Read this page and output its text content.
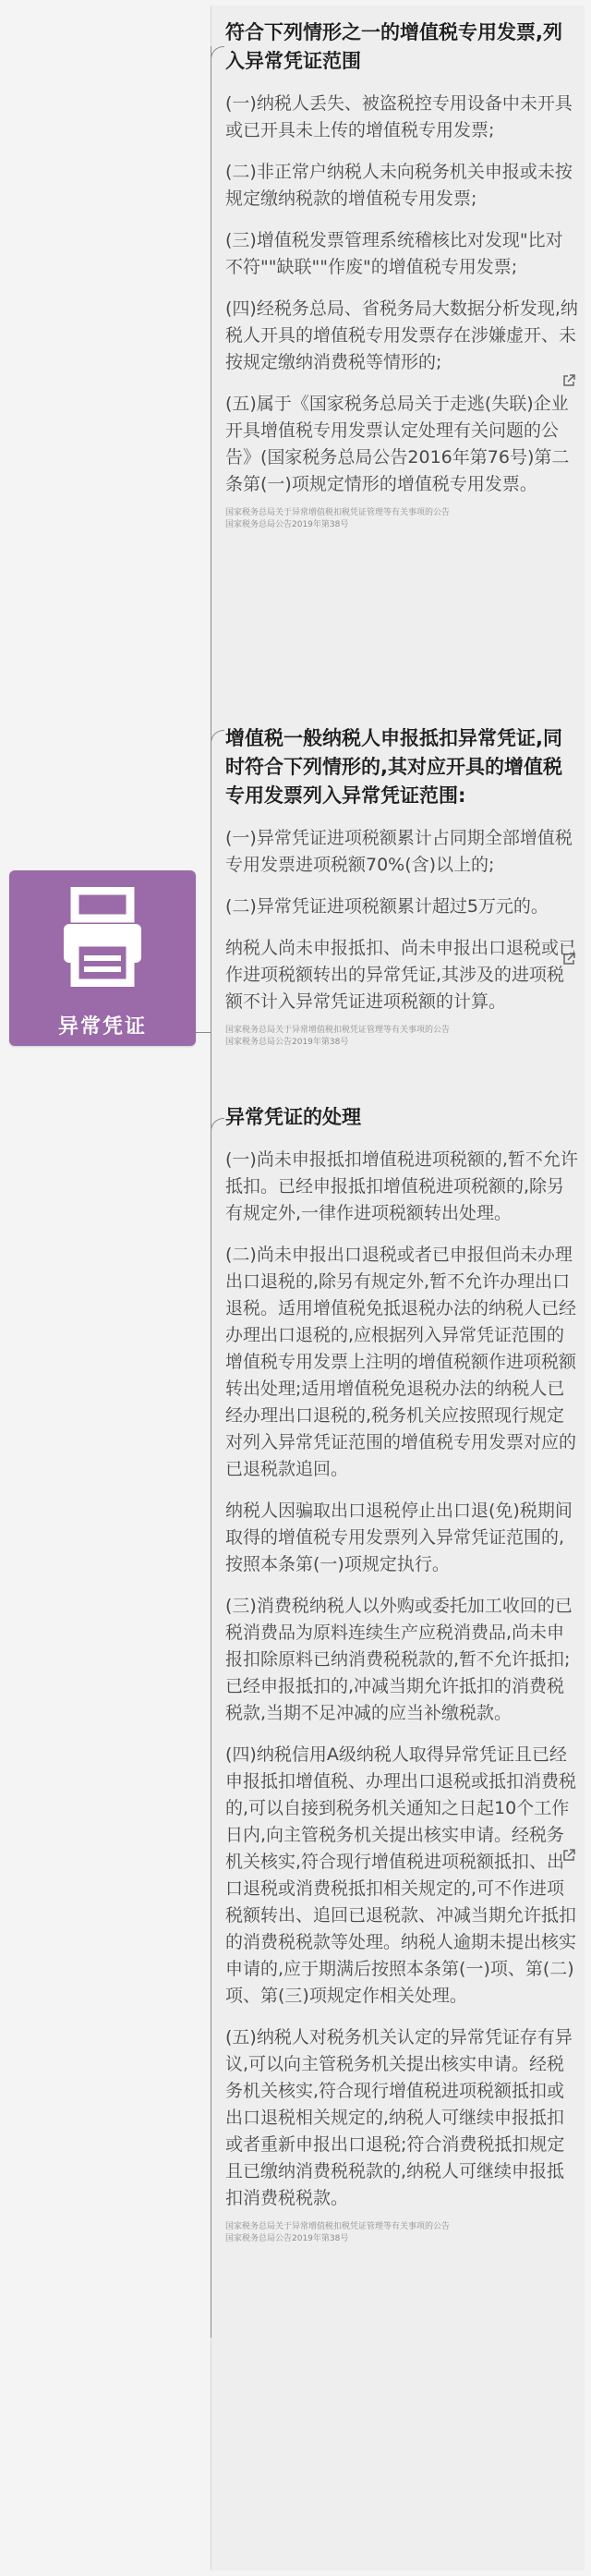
异常凭证
符合下列情形之一的增值税专用发票,列入异常凭证范围
(一)纳税人丢失、被盗税控专用设备中未开具或已开具未上传的增值税专用发票;
(二)非正常户纳税人未向税务机关申报或未按规定缴纳税款的增值税专用发票;
(三)增值税发票管理系统稽核比对发现"比对不符""缺联""作废"的增值税专用发票;
(四)经税务总局、省税务局大数据分析发现,纳税人开具的增值税专用发票存在涉嫌虚开、未按规定缴纳消费税等情形的;
(五)属于《国家税务总局关于走逃(失联)企业开具增值税专用发票认定处理有关问题的公告》(国家税务总局公告2016年第76号)第二条第(一)项规定情形的增值税专用发票。
国家税务总局关于异常增值税扣税凭证管理等有关事项的公告
国家税务总局公告2019年第38号
增值税一般纳税人申报抵扣异常凭证,同时符合下列情形的,其对应开具的增值税专用发票列入异常凭证范围:
(一)异常凭证进项税额累计占同期全部增值税专用发票进项税额70%(含)以上的;
(二)异常凭证进项税额累计超过5万元的。
纳税人尚未申报抵扣、尚未申报出口退税或已作进项税额转出的异常凭证,其涉及的进项税额不计入异常凭证进项税额的计算。
国家税务总局关于异常增值税扣税凭证管理等有关事项的公告
国家税务总局公告2019年第38号
异常凭证的处理
(一)尚未申报抵扣增值税进项税额的,暂不允许抵扣。已经申报抵扣增值税进项税额的,除另有规定外,一律作进项税额转出处理。
(二)尚未申报出口退税或者已申报但尚未办理出口退税的,除另有规定外,暂不允许办理出口退税。适用增值税免抵退税办法的纳税人已经办理出口退税的,应根据列入异常凭证范围的增值税专用发票上注明的增值税额作进项税额转出处理;适用增值税免退税办法的纳税人已经办理出口退税的,税务机关应按照现行规定对列入异常凭证范围的增值税专用发票对应的已退税款追回。
纳税人因骗取出口退税停止出口退(免)税期间取得的增值税专用发票列入异常凭证范围的,按照本条第(一)项规定执行。
(三)消费税纳税人以外购或委托加工收回的已税消费品为原料连续生产应税消费品,尚未申报扣除原料已纳消费税税款的,暂不允许抵扣;已经申报抵扣的,冲减当期允许抵扣的消费税税款,当期不足冲减的应当补缴税款。
(四)纳税信用A级纳税人取得异常凭证且已经申报抵扣增值税、办理出口退税或抵扣消费税的,可以自接到税务机关通知之日起10个工作日内,向主管税务机关提出核实申请。经税务机关核实,符合现行增值税进项税额抵扣、出口退税或消费税抵扣相关规定的,可不作进项税额转出、追回已退税款、冲减当期允许抵扣的消费税税款等处理。纳税人逾期未提出核实申请的,应于期满后按照本条第(一)项、第(二)项、第(三)项规定作相关处理。
(五)纳税人对税务机关认定的异常凭证存有异议,可以向主管税务机关提出核实申请。经税务机关核实,符合现行增值税进项税额抵扣或出口退税相关规定的,纳税人可继续申报抵扣或者重新申报出口退税;符合消费税抵扣规定且已缴纳消费税税款的,纳税人可继续申报抵扣消费税税款。
国家税务总局关于异常增值税扣税凭证管理等有关事项的公告
国家税务总局公告2019年第38号
